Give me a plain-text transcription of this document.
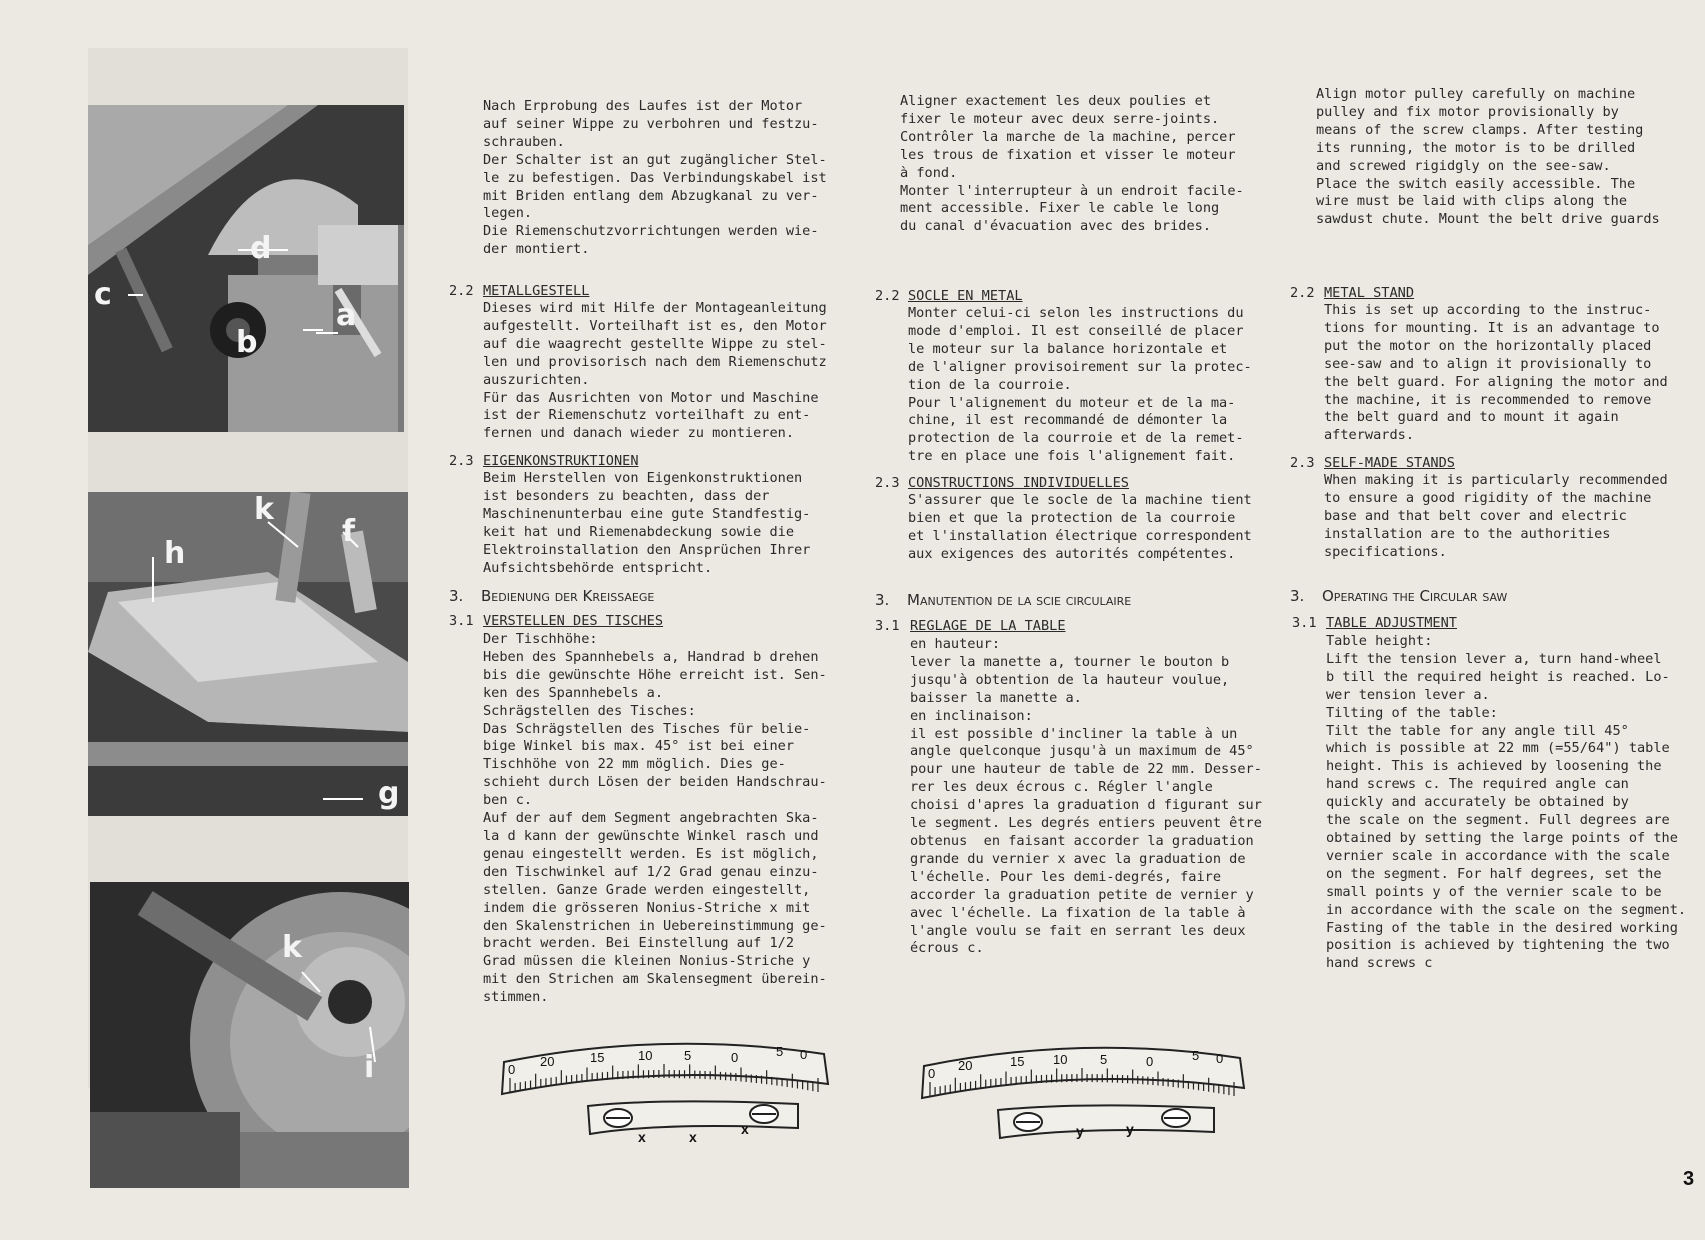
d
c
b
a
k
f
h
g
k
i
Nach Erprobung des Laufes ist der Motor
auf seiner Wippe zu verbohren und festzu-
schrauben.
Der Schalter ist an gut zugänglicher Stel-
le zu befestigen. Das Verbindungskabel ist
mit Briden entlang dem Abzugkanal zu ver-
legen.
Die Riemenschutzvorrichtungen werden wie-
der montiert.
2.2 METALLGESTELL
Dieses wird mit Hilfe der Montageanleitung
aufgestellt. Vorteilhaft ist es, den Motor
auf die waagrecht gestellte Wippe zu stel-
len und provisorisch nach dem Riemenschutz
auszurichten.
Für das Ausrichten von Motor und Maschine
ist der Riemenschutz vorteilhaft zu ent-
fernen und danach wieder zu montieren.
2.3 EIGENKONSTRUKTIONEN
Beim Herstellen von Eigenkonstruktionen
ist besonders zu beachten, dass der
Maschinenunterbau eine gute Standfestig-
keit hat und Riemenabdeckung sowie die
Elektroinstallation den Ansprüchen Ihrer
Aufsichtsbehörde entspricht.
3. Bedienung der Kreissaege
3.1 VERSTELLEN DES TISCHES
Der Tischhöhe:
Heben des Spannhebels a, Handrad b drehen
bis die gewünschte Höhe erreicht ist. Sen-
ken des Spannhebels a.
Schrägstellen des Tisches:
Das Schrägstellen des Tisches für belie-
bige Winkel bis max. 45° ist bei einer
Tischhöhe von 22 mm möglich. Dies ge-
schieht durch Lösen der beiden Handschrau-
ben c.
Auf der auf dem Segment angebrachten Ska-
la d kann der gewünschte Winkel rasch und
genau eingestellt werden. Es ist möglich,
den Tischwinkel auf 1/2 Grad genau einzu-
stellen. Ganze Grade werden eingestellt,
indem die grösseren Nonius-Striche x mit
den Skalenstrichen in Uebereinstimmung ge-
bracht werden. Bei Einstellung auf 1/2
Grad müssen die kleinen Nonius-Striche y
mit den Strichen am Skalensegment überein-
stimmen.
Aligner exactement les deux poulies et
fixer le moteur avec deux serre-joints.
Contrôler la marche de la machine, percer
les trous de fixation et visser le moteur
à fond.
Monter l'interrupteur à un endroit facile-
ment accessible. Fixer le cable le long
du canal d'évacuation avec des brides.
2.2 SOCLE EN METAL
Monter celui-ci selon les instructions du
mode d'emploi. Il est conseillé de placer
le moteur sur la balance horizontale et
de l'aligner provisoirement sur la protec-
tion de la courroie.
Pour l'alignement du moteur et de la ma-
chine, il est recommandé de démonter la
protection de la courroie et de la remet-
tre en place une fois l'alignement fait.
2.3 CONSTRUCTIONS INDIVIDUELLES
S'assurer que le socle de la machine tient
bien et que la protection de la courroie
et l'installation électrique correspondent
aux exigences des autorités compétentes.
3. Manutention de la scie circulaire
3.1 REGLAGE DE LA TABLE
en hauteur:
lever la manette a, tourner le bouton b
jusqu'à obtention de la hauteur voulue,
baisser la manette a.
en inclinaison:
il est possible d'incliner la table à un
angle quelconque jusqu'à un maximum de 45°
pour une hauteur de table de 22 mm. Desser-
rer les deux écrous c. Régler l'angle
choisi d'apres la graduation d figurant sur
le segment. Les degrés entiers peuvent être
obtenus  en faisant accorder la graduation
grande du vernier x avec la graduation de
l'échelle. Pour les demi-degrés, faire
accorder la graduation petite de vernier y
avec l'échelle. La fixation de la table à
l'angle voulu se fait en serrant les deux
écrous c.
Align motor pulley carefully on machine
pulley and fix motor provisionally by
means of the screw clamps. After testing
its running, the motor is to be drilled
and screwed rigidgly on the see-saw.
Place the switch easily accessible. The
wire must be laid with clips along the
sawdust chute. Mount the belt drive guards
2.2 METAL STAND
This is set up according to the instruc-
tions for mounting. It is an advantage to
put the motor on the horizontally placed
see-saw and to align it provisionally to
the belt guard. For aligning the motor and
the machine, it is recommended to remove
the belt guard and to mount it again
afterwards.
2.3 SELF-MADE STANDS
When making it is particularly recommended
to ensure a good rigidity of the machine
base and that belt cover and electric
installation are to the authorities
specifications.
3. Operating the Circular saw
3.1 TABLE ADJUSTMENT
Table height:
Lift the tension lever a, turn hand-wheel
b till the required height is reached. Lo-
wer tension lever a.
Tilting of the table:
Tilt the table for any angle till 45°
which is possible at 22 mm (=55/64") table
height. This is achieved by loosening the
hand screws c. The required angle can
quickly and accurately be obtained by
the scale on the segment. Full degrees are
obtained by setting the large points of the
vernier scale in accordance with the scale
on the segment. For half degrees, set the
small points y of the vernier scale to be
in accordance with the scale on the segment.
Fasting of the table in the desired working
position is achieved by tightening the two
hand screws c
0
20	15	10 5	0	5 0
x	x	x
0
20	15 10	5	0	5 0
y	y
3
